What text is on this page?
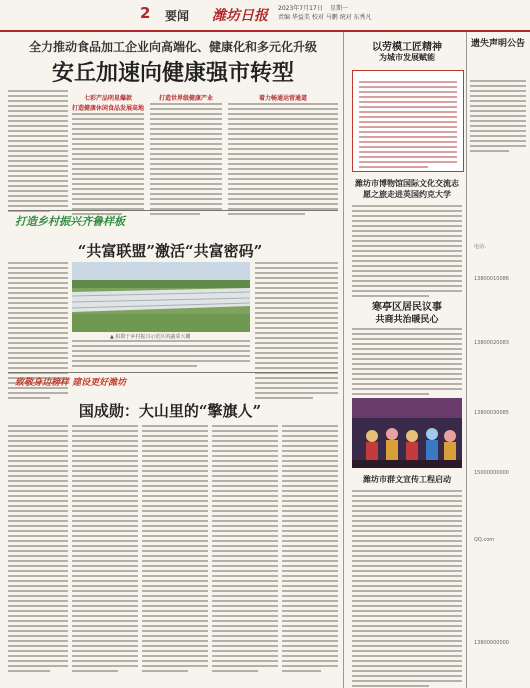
2 要闻 潍坊日报 2023年7月17日 星期一
责编 华益美 校对 马鹏 统对 东秀凡
全力推动食品加工企业向高端化、健康化和多元化升级
安丘加速向健康强市转型
七彩产品明星爆款
打造健康休闲食品发展高地
打造世界级健康产业	着力畅通运营通道
打造乡村振兴齐鲁样板
“共富联盟”激活“共富密码”
▲ 拍摄于乡村振兴示范区的蔬菜大棚
致敬身边榜样 建设更好潍坊
国成勋：大山里的“擎旗人”
以劳模工匠精神
为城市发展赋能
潍坊市博物馆国际文化交流志愿之旅走进英国约克大学
寒亭区居民议事
共商共治暖民心
潍坊市群文宣传工程启动
遗失声明公告
电话：
13800010086
13800020083
13800030085
15000000000
QQ.com
13800000000
